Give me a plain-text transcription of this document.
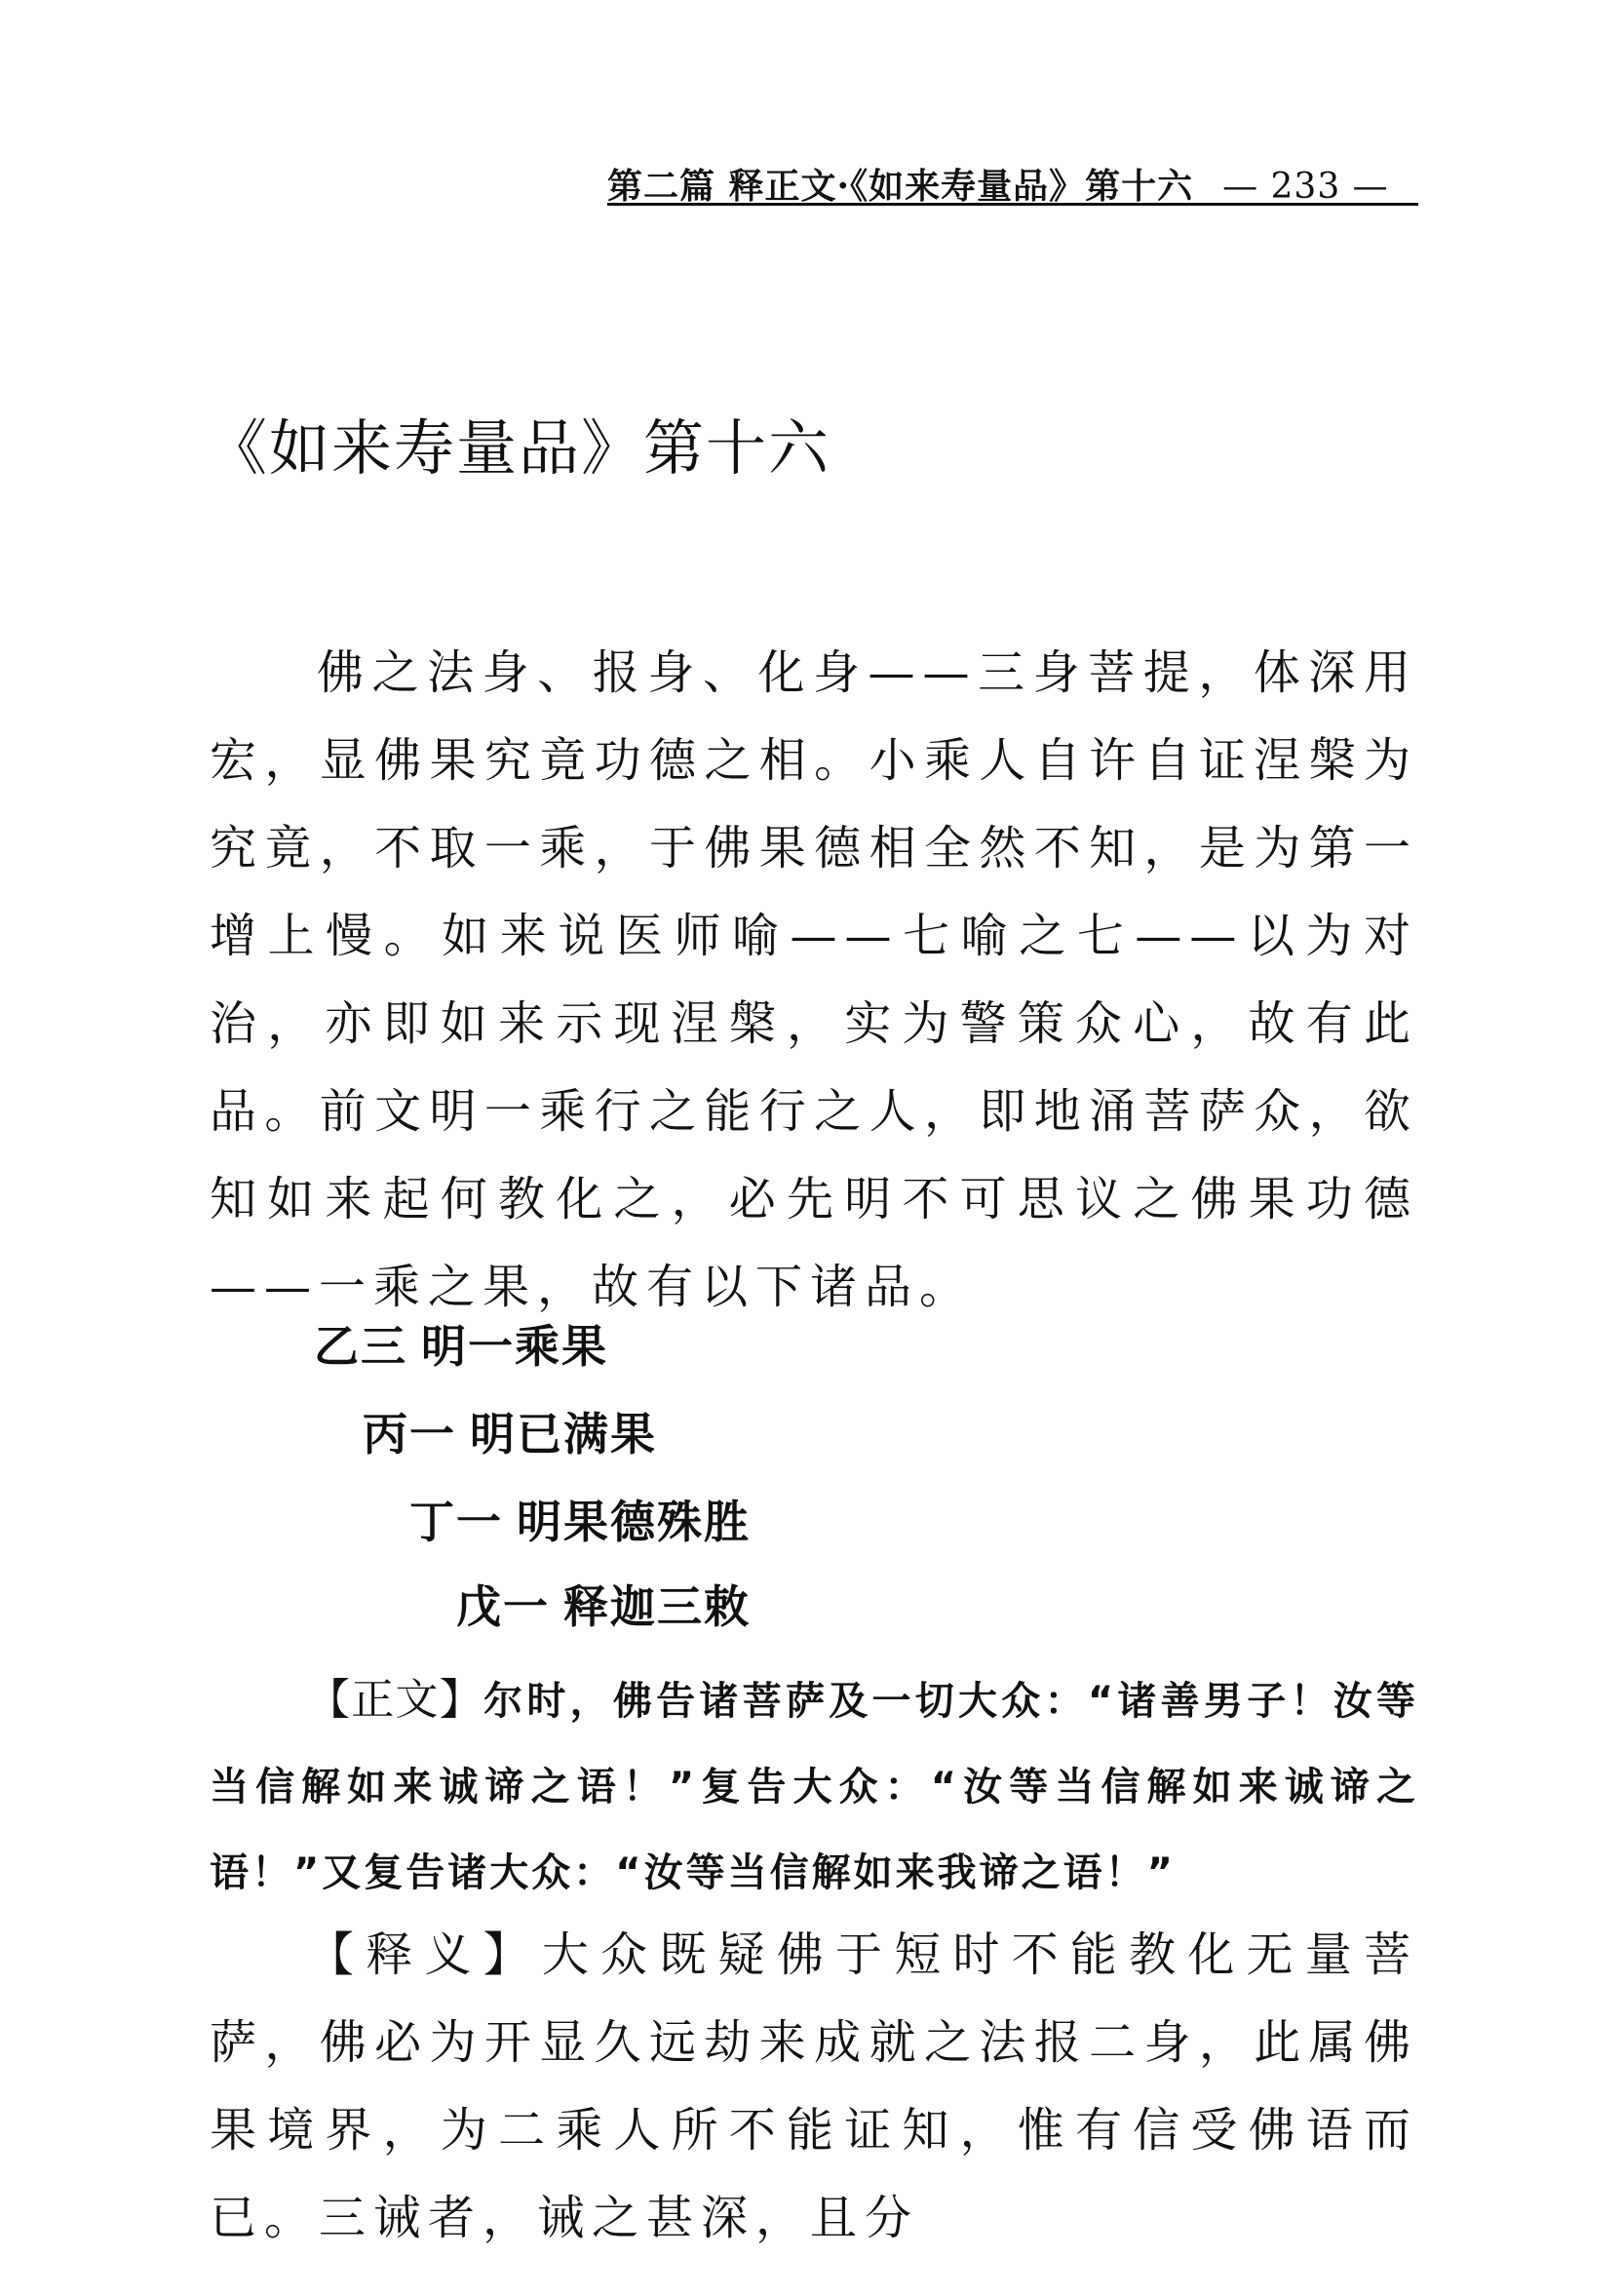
第二篇 释正文·《如来寿量品》第十六 — 233 —
《如来寿量品》第十六

佛之法身、报身、化身——三身菩提，体深用宏，显佛果究竟功德之相。小乘人自许自证涅槃为究竟，不取一乘，于佛果德相全然不知，是为第一增上慢。如来说医师喻——七喻之七——以为对治，亦即如来示现涅槃，实为警策众心，故有此品。前文明一乘行之能行之人，即地涌菩萨众，欲知如来起何教化之，必先明不可思议之佛果功德——一乘之果，故有以下诸品。

乙三 明一乘果
丙一 明已满果
丁一 明果德殊胜
戊一 释迦三敕

【正文】尔时，佛告诸菩萨及一切大众：“诸善男子！汝等当信解如来诚谛之语！”复告大众：“汝等当信解如来诚谛之语！”又复告诸大众：“汝等当信解如来我谛之语！”

【释义】大众既疑佛于短时不能教化无量菩萨，佛必为开显久远劫来成就之法报二身，此属佛果境界，为二乘人所不能证知，惟有信受佛语而已。三诫者，诫之甚深，且分
